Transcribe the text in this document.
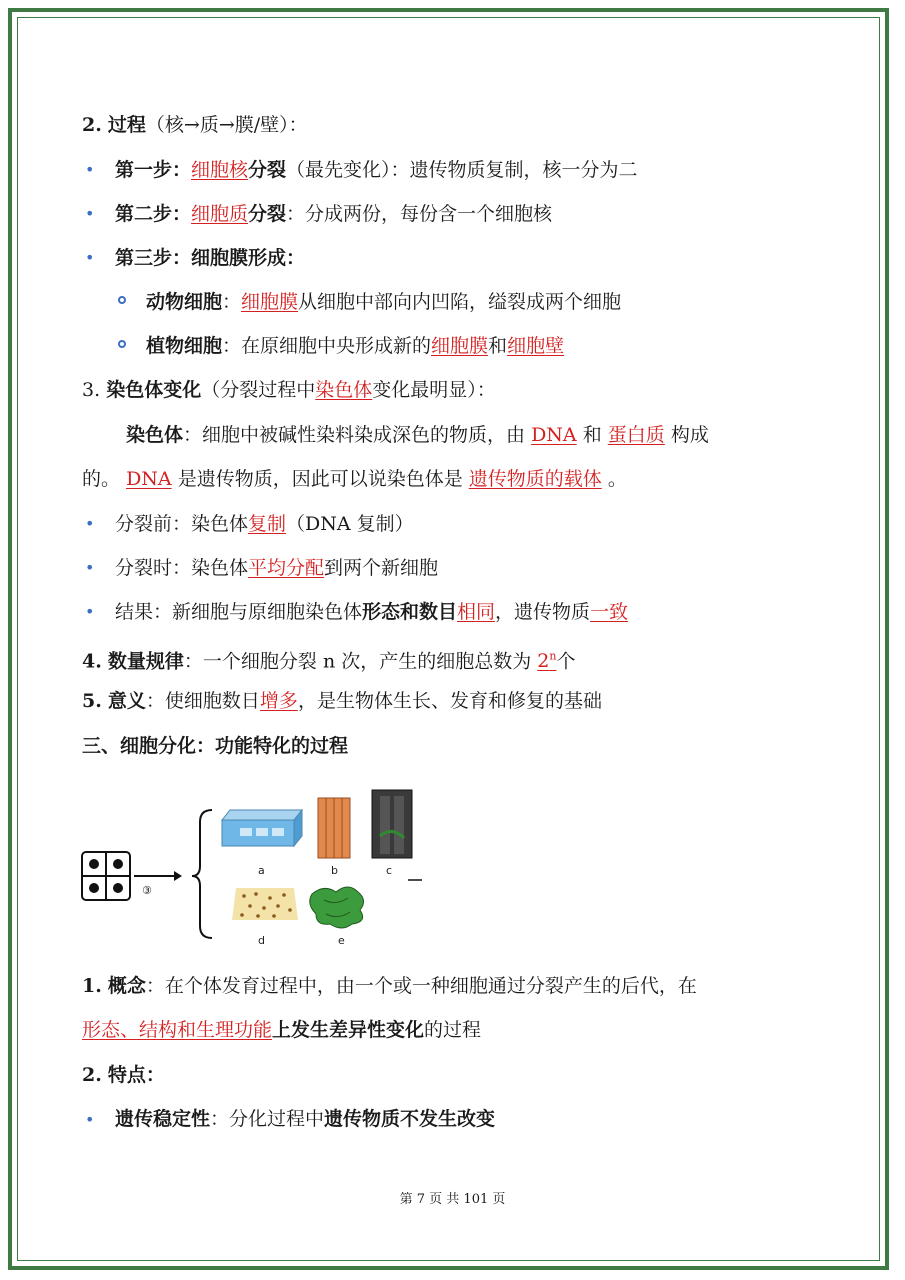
2. 过程（核→质→膜/壁）：
• 第一步：细胞核分裂（最先变化）：遗传物质复制，核一分为二
• 第二步：细胞质分裂：分成两份，每份含一个细胞核
• 第三步：细胞膜形成：
动物细胞：细胞膜从细胞中部向内凹陷，缢裂成两个细胞
植物细胞：在原细胞中央形成新的细胞膜和细胞壁
3. 染色体变化（分裂过程中染色体变化最明显）：
染色体：细胞中被碱性染料染成深色的物质，由 DNA 和 蛋白质 构成
的。 DNA 是遗传物质，因此可以说染色体是 遗传物质的载体 。
• 分裂前：染色体复制（DNA 复制）
• 分裂时：染色体平均分配到两个新细胞
• 结果：新细胞与原细胞染色体形态和数目相同，遗传物质一致
4. 数量规律：一个细胞分裂 n 次，产生的细胞总数为 2$^n$个
5. 意义：使细胞数日增多，是生物体生长、发育和修复的基础
三、细胞分化：功能特化的过程
③
a	b	c
d	e
1. 概念：在个体发育过程中，由一个或一种细胞通过分裂产生的后代，在
形态、结构和生理功能上发生差异性变化的过程
2. 特点：
• 遗传稳定性：分化过程中遗传物质不发生改变
第 7 页 共 101 页
